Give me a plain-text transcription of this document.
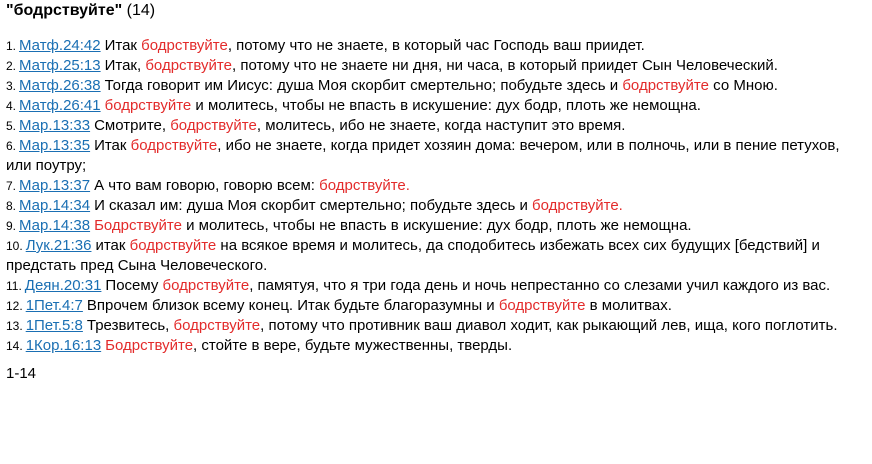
"бодрствуйте" (14)
1. Матф.24:42 Итак бодрствуйте, потому что не знаете, в который час Господь ваш приидет.
2. Матф.25:13 Итак, бодрствуйте, потому что не знаете ни дня, ни часа, в который приидет Сын Человеческий.
3. Матф.26:38 Тогда говорит им Иисус: душа Моя скорбит смертельно; побудьте здесь и бодрствуйте со Мною.
4. Матф.26:41 бодрствуйте и молитесь, чтобы не впасть в искушение: дух бодр, плоть же немощна.
5. Мар.13:33 Смотрите, бодрствуйте, молитесь, ибо не знаете, когда наступит это время.
6. Мар.13:35 Итак бодрствуйте, ибо не знаете, когда придет хозяин дома: вечером, или в полночь, или в пение петухов, или поутру;
7. Мар.13:37 А что вам говорю, говорю всем: бодрствуйте.
8. Мар.14:34 И сказал им: душа Моя скорбит смертельно; побудьте здесь и бодрствуйте.
9. Мар.14:38 Бодрствуйте и молитесь, чтобы не впасть в искушение: дух бодр, плоть же немощна.
10. Лук.21:36 итак бодрствуйте на всякое время и молитесь, да сподобитесь избежать всех сих будущих [бедствий] и предстать пред Сына Человеческого.
11. Деян.20:31 Посему бодрствуйте, памятуя, что я три года день и ночь непрестанно со слезами учил каждого из вас.
12. 1Пет.4:7 Впрочем близок всему конец. Итак будьте благоразумны и бодрствуйте в молитвах.
13. 1Пет.5:8 Трезвитесь, бодрствуйте, потому что противник ваш диавол ходит, как рыкающий лев, ища, кого поглотить.
14. 1Кор.16:13 Бодрствуйте, стойте в вере, будьте мужественны, тверды.
1-14
